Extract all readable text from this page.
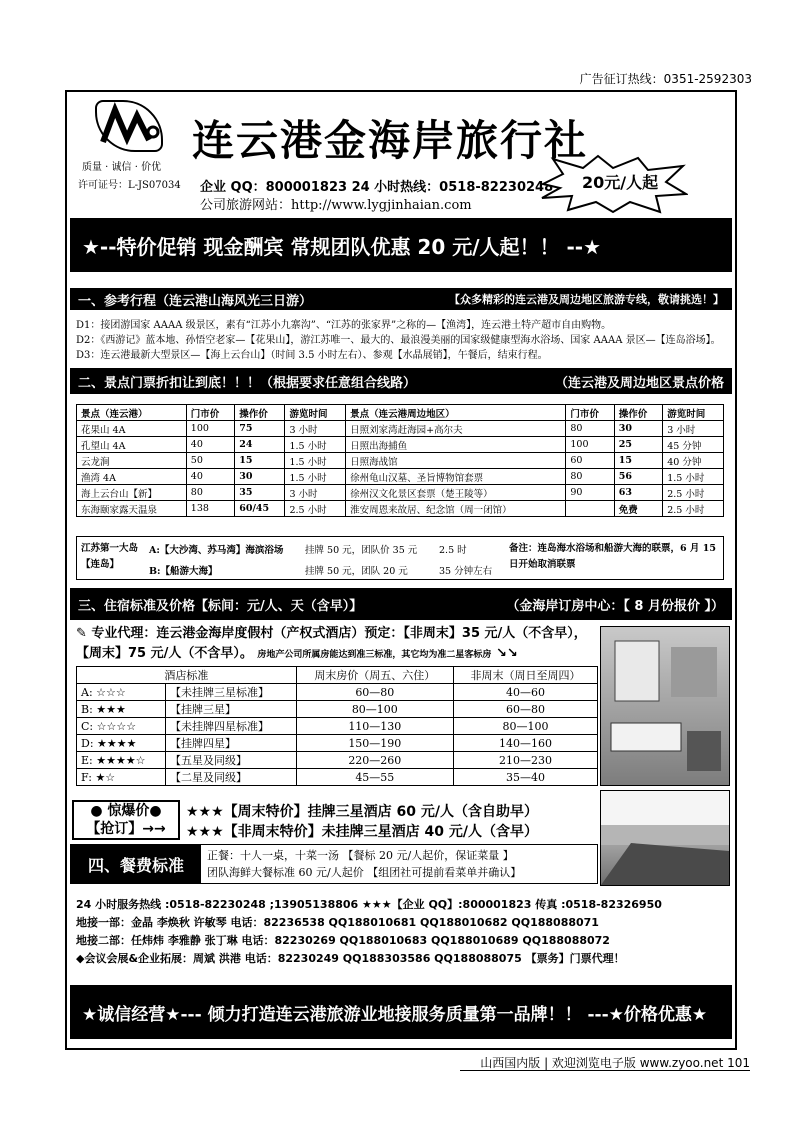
广告征订热线：0351-2592303
质量 · 诚信 · 价优
许可证号：L-JS07034
连云港金海岸旅行社
企业 QQ：800001823 24 小时热线：0518-82230248
公司旅游网站：http://www.lygjinhaian.com
20元/人起
★--特价促销 现金酬宾 常规团队优惠 20 元/人起！！ --★
一、参考行程（连云港山海风光三日游）	【众多精彩的连云港及周边地区旅游专线，敬请挑选！】
D1：接团游国家 AAAA 级景区，素有“江苏小九寨沟”、“江苏的张家界”之称的—【渔湾】，连云港土特产超市自由购物。
D2：《西游记》蓝本地、孙悟空老家—【花果山】，游江苏唯一、最大的、最浪漫美丽的国家级健康型海水浴场、国家 AAAA 景区—【连岛浴场】。
D3：连云港最新大型景区—【海上云台山】（时间 3.5 小时左右）、参观【水晶展销】，午餐后，结束行程。
二、景点门票折扣让到底！！！（根据要求任意组合线路）	（连云港及周边地区景点价格
景点（连云港）	门市价	操作价	游览时间	景点（连云港周边地区）	门市价	操作价	游览时间
花果山 4A	100	75	3 小时	日照刘家湾赶海园+高尔夫	80	30	3 小时
孔望山 4A	40	24	1.5 小时	日照出海捕鱼	100	25	45 分钟
云龙涧	50	15	1.5 小时	日照海战馆	60	15	40 分钟
渔湾 4A	40	30	1.5 小时	徐州龟山汉墓、圣旨博物馆套票	80	56	1.5 小时
海上云台山【新】	80	35	3 小时	徐州汉文化景区套票（楚王陵等）	90	63	2.5 小时
东海颐家露天温泉	138	60/45	2.5 小时	淮安周恩来故居、纪念馆（周一闭馆）		免费	2.5 小时
江苏第一大岛【连岛】
A:【大沙湾、苏马湾】海滨浴场 挂牌 50 元，团队价 35 元 2.5 时
B:【船游大海】	挂牌 50 元，团队 20 元	35 分钟左右
备注：连岛海水浴场和船游大海的联票，6 月 15 日开始取消联票
三、住宿标准及价格【标间：元/人、天（含早）】	（金海岸订房中心：【 8 月份报价 】）
✎ 专业代理：连云港金海岸度假村（产权式酒店）预定：【非周末】35 元/人（不含早），【周末】75 元/人（不含早）。 房地产公司所属房能达到准三标准，其它均为准二星客标房 ↘↘
酒店标准		周末房价（周五、六住）	非周末（周日至周四）
A: ☆☆☆	【未挂牌三星标准】	60—80	40—60
B: ★★★	【挂牌三星】	80—100	60—80
C: ☆☆☆☆	【未挂牌四星标准】	110—130	80—100
D: ★★★★	【挂牌四星】	150—190	140—160
E: ★★★★☆	【五星及同级】	220—260	210—230
F: ★☆	【二星及同级】	45—55	35—40
● 惊爆价●
【抢订】→→
★★★【周末特价】挂牌三星酒店 60 元/人（含自助早）
★★★【非周末特价】未挂牌三星酒店 40 元/人（含早）
四、餐费标准	正餐：十人一桌，十菜一汤 【餐标 20 元/人起价，保证菜量 】
团队海鲜大餐标准 60 元/人起价 【组团社可提前看菜单并确认】
24 小时服务热线 :0518-82230248 ;13905138806 ★★★【企业 QQ】:800001823 传真 :0518-82326950
地接一部：金晶 李焕秋 许敏琴 电话：82236538 QQ188010681 QQ188010682 QQ188088071
地接二部：任炜炜 李雅静 张丁琳 电话：82230269 QQ188010683 QQ188010689 QQ188088072
◆会议会展&企业拓展：周斌 洪港 电话：82230249 QQ188303586 QQ188088075 【票务】门票代理！
★诚信经营★--- 倾力打造连云港旅游业地接服务质量第一品牌！！ ---★价格优惠★
山西国内版 | 欢迎浏览电子版 www.zyoo.net 101
